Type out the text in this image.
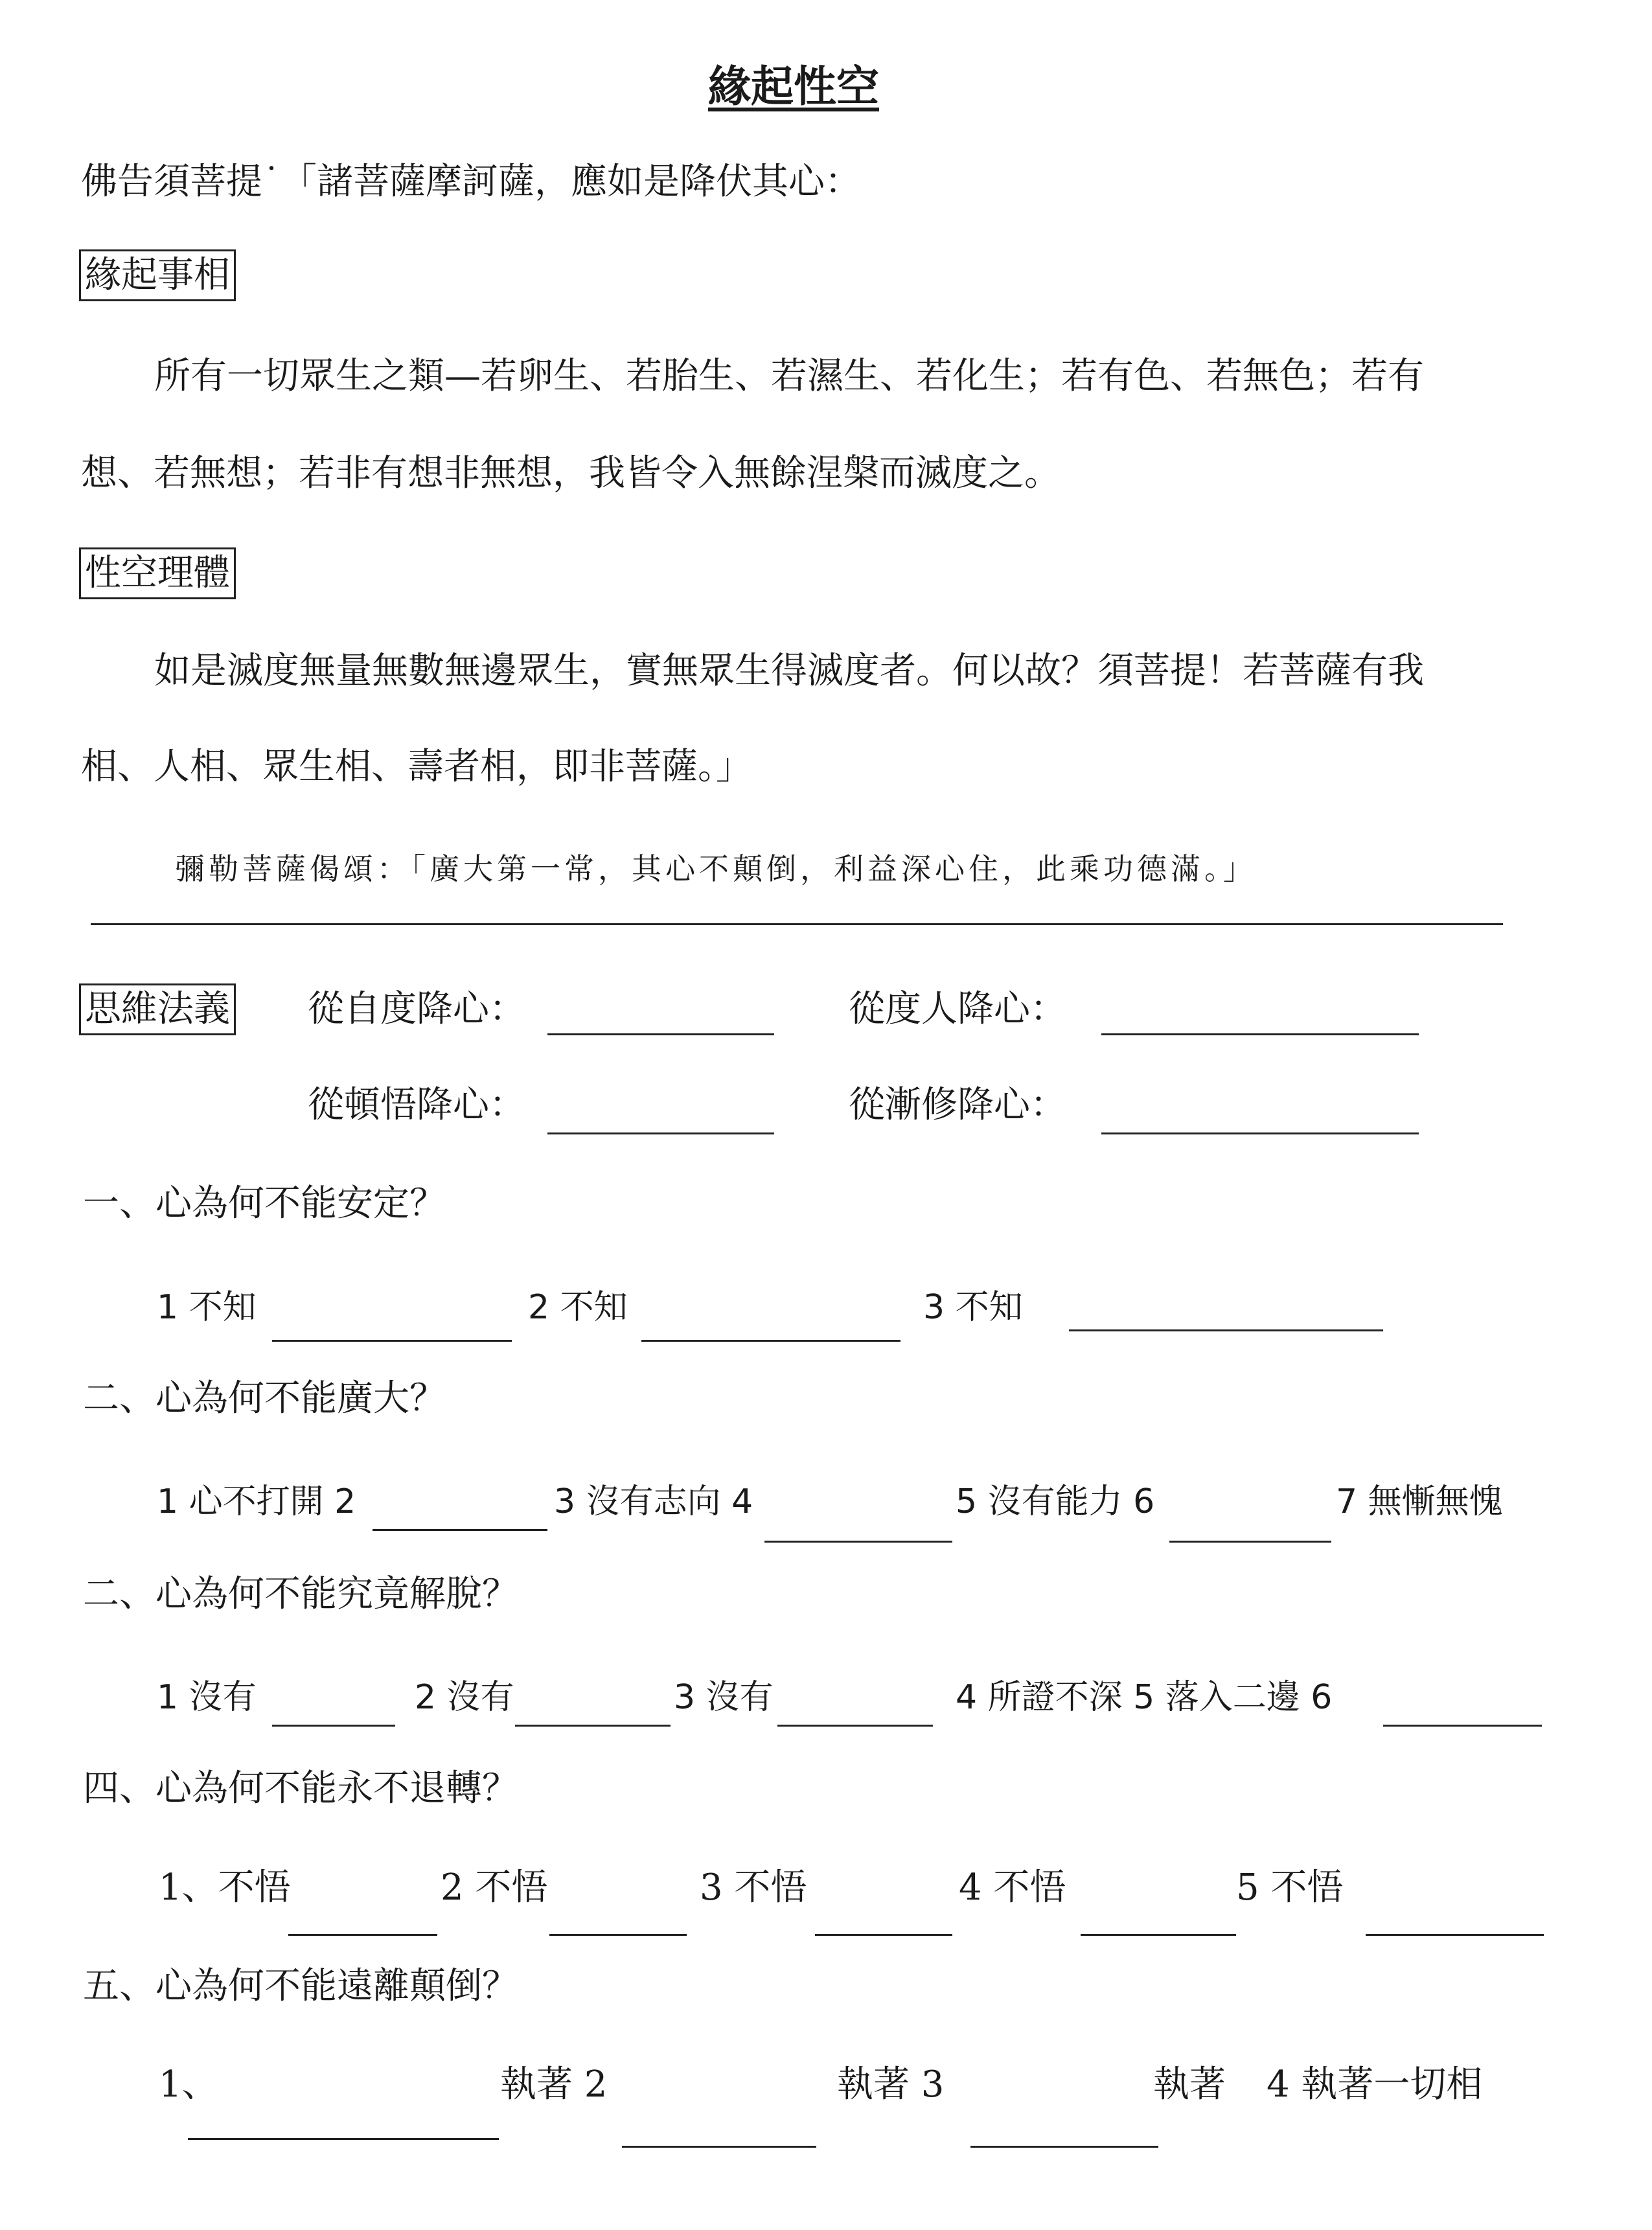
緣起性空
佛告須菩提˙「諸菩薩摩訶薩，應如是降伏其心：
緣起事相
所有一切眾生之類—若卵生、若胎生、若濕生、若化生；若有色、若無色；若有
想、若無想；若非有想非無想，我皆令入無餘涅槃而滅度之。
性空理體
如是滅度無量無數無邊眾生，實無眾生得滅度者。何以故？須菩提！若菩薩有我
相、人相、眾生相、壽者相，即非菩薩。」
彌勒菩薩偈頌：「廣大第一常，其心不顛倒，利益深心住，此乘功德滿。」
思維法義 從自度降心：	從度人降心：
從頓悟降心：	從漸修降心：
一、心為何不能安定？
1 不知	2 不知	3 不知
二、心為何不能廣大？
1 心不打開 2	3 沒有志向 4	5 沒有能力 6	7 無慚無愧
二、心為何不能究竟解脫？
1 沒有	2 沒有	3 沒有	4 所證不深 5 落入二邊 6
四、心為何不能永不退轉？
1、不悟	2 不悟	3 不悟	4 不悟	5 不悟
五、心為何不能遠離顛倒？
1、	執著 2	執著 3	執著 4 執著一切相
